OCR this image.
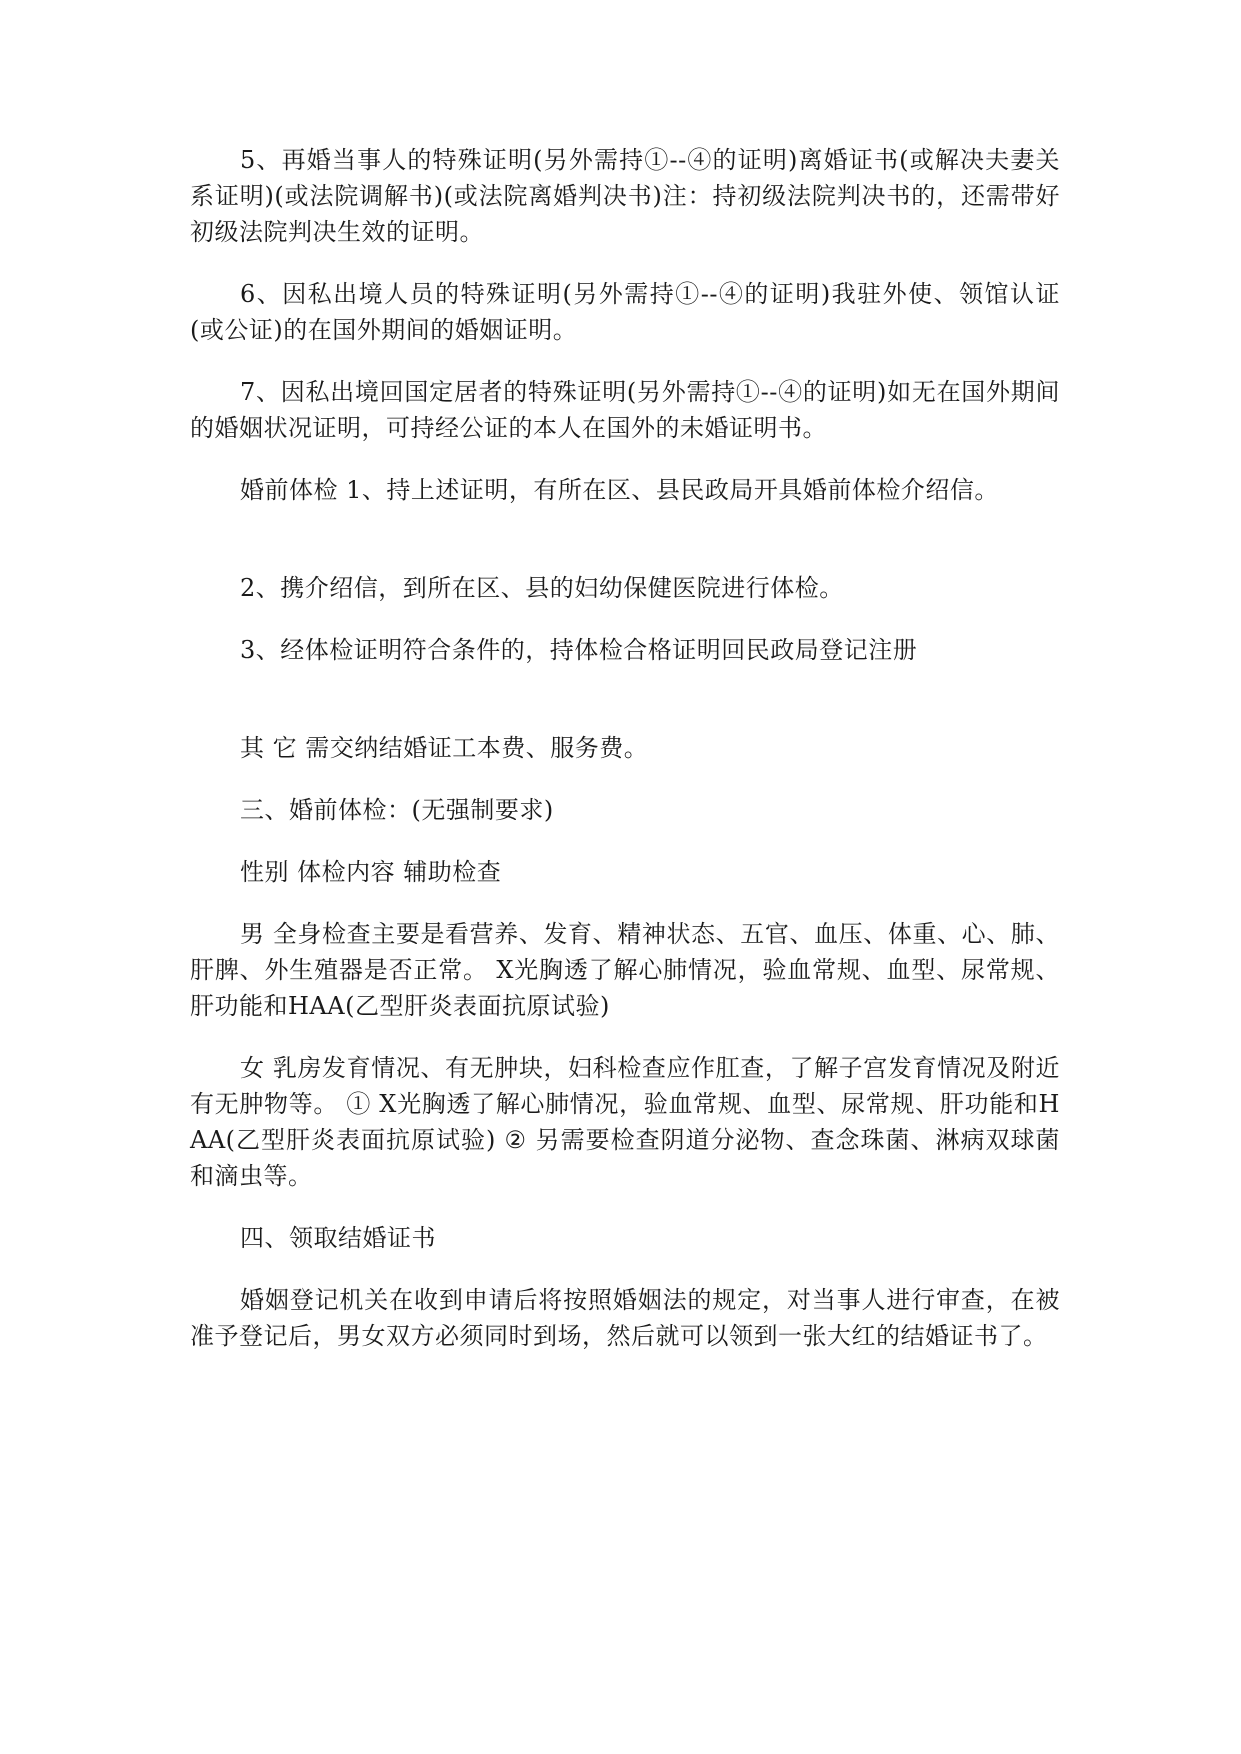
5、再婚当事人的特殊证明(另外需持①--④的证明)离婚证书(或解决夫妻关系证明)(或法院调解书)(或法院离婚判决书)注：持初级法院判决书的，还需带好初级法院判决生效的证明。

6、因私出境人员的特殊证明(另外需持①--④的证明)我驻外使、领馆认证(或公证)的在国外期间的婚姻证明。

7、因私出境回国定居者的特殊证明(另外需持①--④的证明)如无在国外期间的婚姻状况证明，可持经公证的本人在国外的未婚证明书。

婚前体检 1、持上述证明，有所在区、县民政局开具婚前体检介绍信。

2、携介绍信，到所在区、县的妇幼保健医院进行体检。

3、经体检证明符合条件的，持体检合格证明回民政局登记注册

其 它 需交纳结婚证工本费、服务费。

三、婚前体检：(无强制要求)

性别 体检内容 辅助检查

男 全身检查主要是看营养、发育、精神状态、五官、血压、体重、心、肺、肝脾、外生殖器是否正常。 X光胸透了解心肺情况，验血常规、血型、尿常规、肝功能和HAA(乙型肝炎表面抗原试验)

女 乳房发育情况、有无肿块，妇科检查应作肛查，了解子宫发育情况及附近有无肿物等。 ① X光胸透了解心肺情况，验血常规、血型、尿常规、肝功能和HAA(乙型肝炎表面抗原试验) ② 另需要检查阴道分泌物、查念珠菌、淋病双球菌和滴虫等。

四、领取结婚证书

婚姻登记机关在收到申请后将按照婚姻法的规定，对当事人进行审查，在被准予登记后，男女双方必须同时到场，然后就可以领到一张大红的结婚证书了。
